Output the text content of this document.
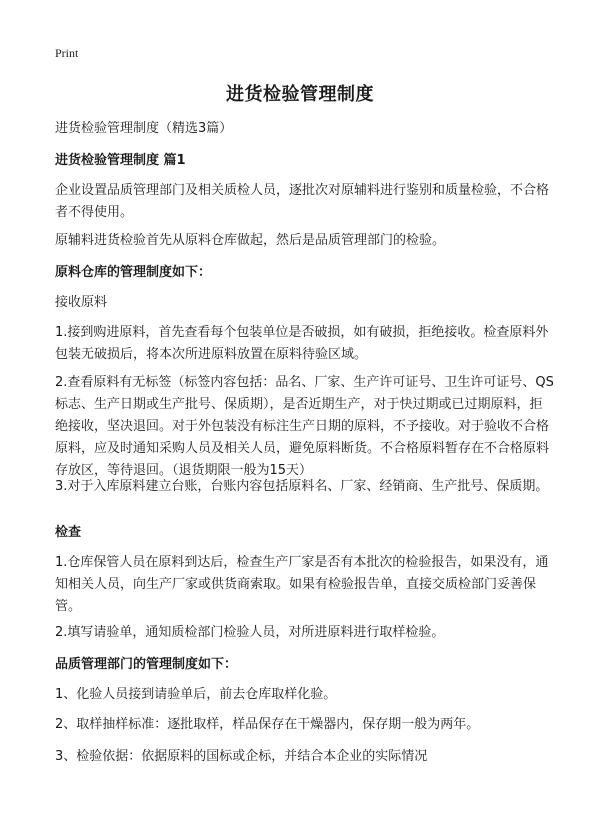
Print
进货检验管理制度

进货检验管理制度（精选3篇）

进货检验管理制度 篇1

企业设置品质管理部门及相关质检人员，逐批次对原辅料进行鉴别和质量检验，不合格者不得使用。

原辅料进货检验首先从原料仓库做起，然后是品质管理部门的检验。

原料仓库的管理制度如下：

接收原料

1.接到购进原料，首先查看每个包装单位是否破损，如有破损，拒绝接收。检查原料外包装无破损后，将本次所进原料放置在原料待验区域。

2.查看原料有无标签（标签内容包括：品名、厂家、生产许可证号、卫生许可证号、QS标志、生产日期或生产批号、保质期），是否近期生产，对于快过期或已过期原料，拒绝接收，坚决退回。对于外包装没有标注生产日期的原料，不予接收。对于验收不合格原料，应及时通知采购人员及相关人员，避免原料断货。不合格原料暂存在不合格原料存放区，等待退回。（退货期限一般为15天）

3.对于入库原料建立台账，台账内容包括原料名、厂家、经销商、生产批号、保质期。

检查

1.仓库保管人员在原料到达后，检查生产厂家是否有本批次的检验报告，如果没有，通知相关人员，向生产厂家或供货商索取。如果有检验报告单，直接交质检部门妥善保管。

2.填写请验单，通知质检部门检验人员，对所进原料进行取样检验。

品质管理部门的管理制度如下：

1、化验人员接到请验单后，前去仓库取样化验。

2、取样抽样标准：逐批取样，样品保存在干燥器内，保存期一般为两年。

3、检验依据：依据原料的国标或企标，并结合本企业的实际情况
